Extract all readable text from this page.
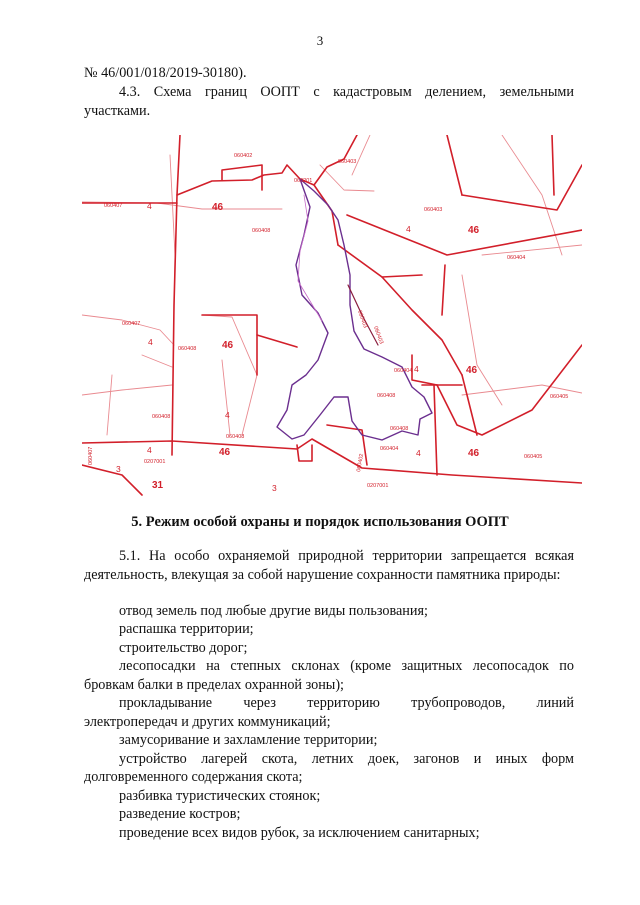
3
№ 46/001/018/2019-30180).
4.3. Схема границ ООПТ с кадастровым делением, земельными участками.
060402
060403
060201
060407
060408
060403
060404
060407
060408
060403
060403
060404
060408
060408
060408
060408
060405
060407	0207001
060404
060402	060405
0207001
4
4
4
4
4
4	4
3
3
46
46
46
46
46	46
31
5. Режим особой охраны и порядок использования ООПТ
5.1. На особо охраняемой природной территории запрещается всякая деятельность, влекущая за собой нарушение сохранности памятника природы:
отвод земель под любые другие виды пользования;
распашка территории;
строительство дорог;
лесопосадки на степных склонах (кроме защитных лесопосадок по
бровкам балки в пределах охранной зоны);
прокладывание через территорию трубопроводов, линий
электропередач и других коммуникаций;
замусоривание и захламление территории;
устройство лагерей скота, летних доек, загонов и иных форм
долговременного содержания скота;
разбивка туристических стоянок;
разведение костров;
проведение всех видов рубок, за исключением санитарных;
